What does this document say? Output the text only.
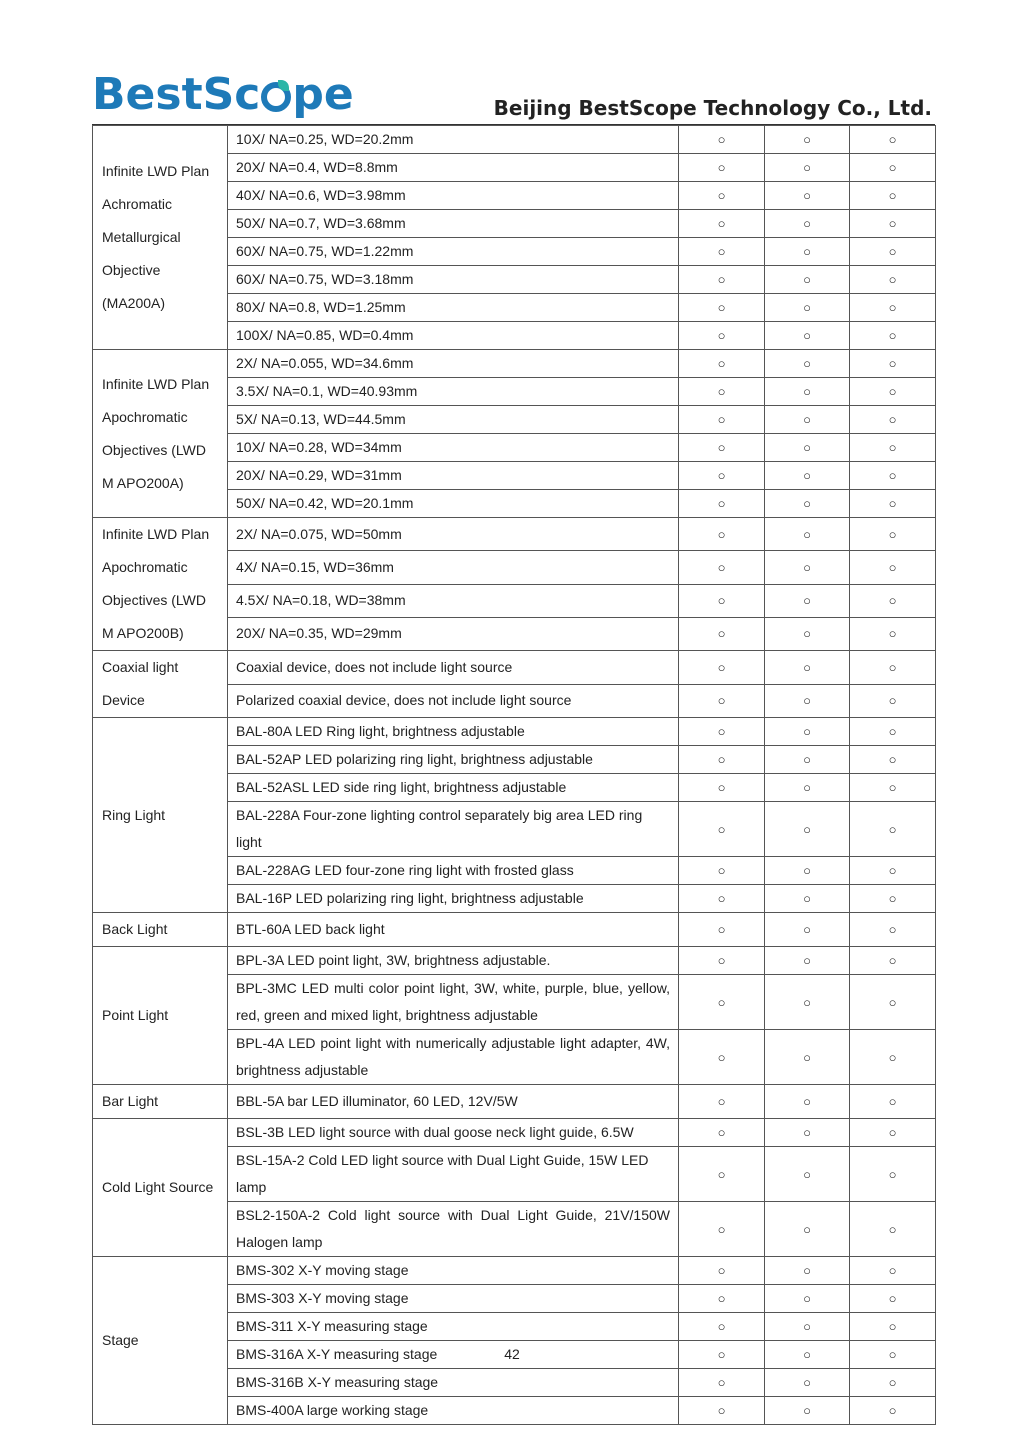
BestSc pe	Beijing BestScope Technology Co., Ltd.
Infinite LWD Plan
Achromatic
Metallurgical
Objective
(MA200A)	10X/ NA=0.25, WD=20.2mm	○	○	○
	20X/ NA=0.4, WD=8.8mm	○	○	○
	40X/ NA=0.6, WD=3.98mm	○	○	○
	50X/ NA=0.7, WD=3.68mm	○	○	○
	60X/ NA=0.75, WD=1.22mm	○	○	○
	60X/ NA=0.75, WD=3.18mm	○	○	○
	80X/ NA=0.8, WD=1.25mm	○	○	○
	100X/ NA=0.85, WD=0.4mm	○	○	○

Infinite LWD Plan
Apochromatic
Objectives (LWD
M APO200A)	2X/ NA=0.055, WD=34.6mm	○	○	○
	3.5X/ NA=0.1, WD=40.93mm	○	○	○
	5X/ NA=0.13, WD=44.5mm	○	○	○
	10X/ NA=0.28, WD=34mm	○	○	○
	20X/ NA=0.29, WD=31mm	○	○	○
	50X/ NA=0.42, WD=20.1mm	○	○	○

Infinite LWD Plan
Apochromatic
Objectives (LWD
M APO200B)	2X/ NA=0.075, WD=50mm	○	○	○
	4X/ NA=0.15, WD=36mm	○	○	○
	4.5X/ NA=0.18, WD=38mm	○	○	○
	20X/ NA=0.35, WD=29mm	○	○	○

Coaxial light
Device	Coaxial device, does not include light source	○	○	○
	Polarized coaxial device, does not include light source	○	○	○

Ring Light	BAL-80A LED Ring light, brightness adjustable	○	○	○
	BAL-52AP LED polarizing ring light, brightness adjustable	○	○	○
	BAL-52ASL LED side ring light, brightness adjustable	○	○	○
	BAL-228A Four-zone lighting control separately big area LED ring light	○	○	○
	BAL-228AG LED four-zone ring light with frosted glass	○	○	○
	BAL-16P LED polarizing ring light, brightness adjustable	○	○	○

Back Light	BTL-60A LED back light	○	○	○

Point Light	BPL-3A LED point light, 3W, brightness adjustable.	○	○	○
	BPL-3MC LED multi color point light, 3W, white, purple, blue, yellow, red, green and mixed light, brightness adjustable	○	○	○
	BPL-4A LED point light with numerically adjustable light adapter, 4W, brightness adjustable	○	○	○

Bar Light	BBL-5A bar LED illuminator, 60 LED, 12V/5W	○	○	○

Cold Light Source	BSL-3B LED light source with dual goose neck light guide, 6.5W	○	○	○
	BSL-15A-2 Cold LED light source with Dual Light Guide, 15W LED lamp	○	○	○
	BSL2-150A-2 Cold light source with Dual Light Guide, 21V/150W Halogen lamp	○	○	○

Stage	BMS-302 X-Y moving stage	○	○	○
	BMS-303 X-Y moving stage	○	○	○
	BMS-311 X-Y measuring stage	○	○	○
	BMS-316A X-Y measuring stage	○	○	○
	BMS-316B X-Y measuring stage	○	○	○
	BMS-400A large working stage	○	○	○
42
